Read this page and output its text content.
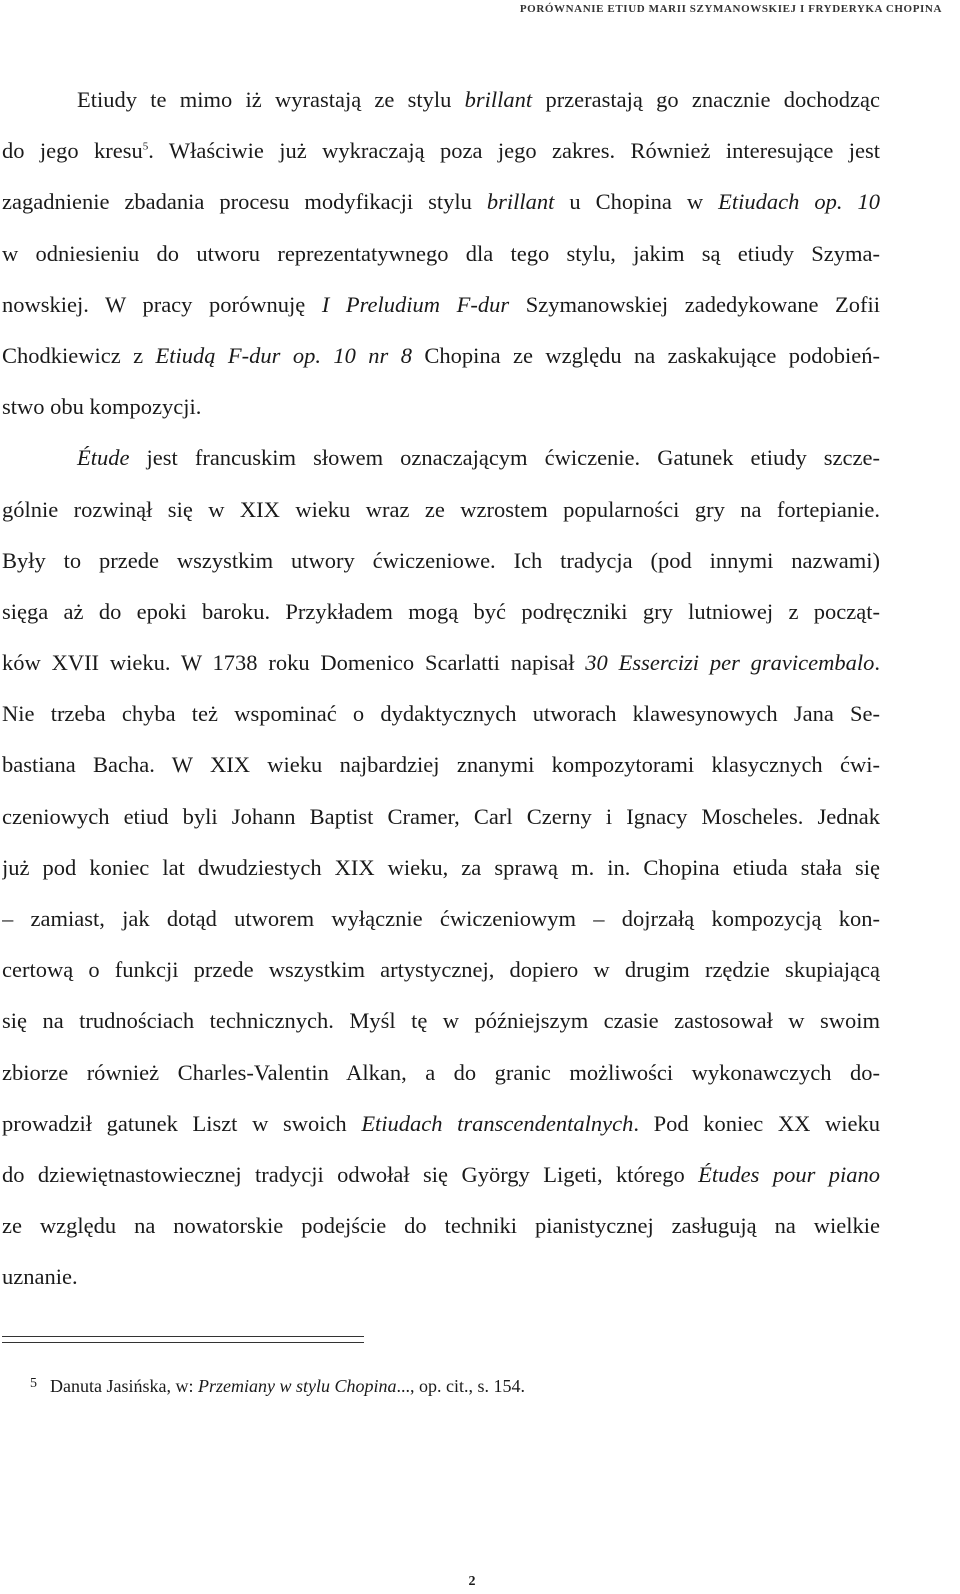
PORÓWNANIE ETIUD MARII SZYMANOWSKIEJ I FRYDERYKA CHOPINA
Etiudy te mimo iż wyrastają ze stylu brillant przerastają go znacznie dochodząc
do jego kresu$^5$. Właściwie już wykraczają poza jego zakres. Również interesujące jest
zagadnienie zbadania procesu modyfikacji stylu brillant u Chopina w Etiudach op. 10
w odniesieniu do utworu reprezentatywnego dla tego stylu, jakim są etiudy Szyma-
nowskiej. W pracy porównuję I Preludium F-dur Szymanowskiej zadedykowane Zofii
Chodkiewicz z Etiudą F-dur op. 10 nr 8 Chopina ze względu na zaskakujące podobień-
stwo obu kompozycji.
Étude jest francuskim słowem oznaczającym ćwiczenie. Gatunek etiudy szcze-
gólnie rozwinął się w XIX wieku wraz ze wzrostem popularności gry na fortepianie.
Były to przede wszystkim utwory ćwiczeniowe. Ich tradycja (pod innymi nazwami)
sięga aż do epoki baroku. Przykładem mogą być podręczniki gry lutniowej z począt-
ków XVII wieku. W 1738 roku Domenico Scarlatti napisał 30 Essercizi per gravicembalo.
Nie trzeba chyba też wspominać o dydaktycznych utworach klawesynowych Jana Se-
bastiana Bacha. W XIX wieku najbardziej znanymi kompozytorami klasycznych ćwi-
czeniowych etiud byli Johann Baptist Cramer, Carl Czerny i Ignacy Moscheles. Jednak
już pod koniec lat dwudziestych XIX wieku, za sprawą m. in. Chopina etiuda stała się
– zamiast, jak dotąd utworem wyłącznie ćwiczeniowym – dojrzałą kompozycją kon-
certową o funkcji przede wszystkim artystycznej, dopiero w drugim rzędzie skupiającą
się na trudnościach technicznych. Myśl tę w późniejszym czasie zastosował w swoim
zbiorze również Charles-Valentin Alkan, a do granic możliwości wykonawczych do-
prowadził gatunek Liszt w swoich Etiudach transcendentalnych. Pod koniec XX wieku
do dziewiętnastowiecznej tradycji odwołał się György Ligeti, którego Études pour piano
ze względu na nowatorskie podejście do techniki pianistycznej zasługują na wielkie
uznanie.
5 Danuta Jasińska, w: Przemiany w stylu Chopina..., op. cit., s. 154.
2
